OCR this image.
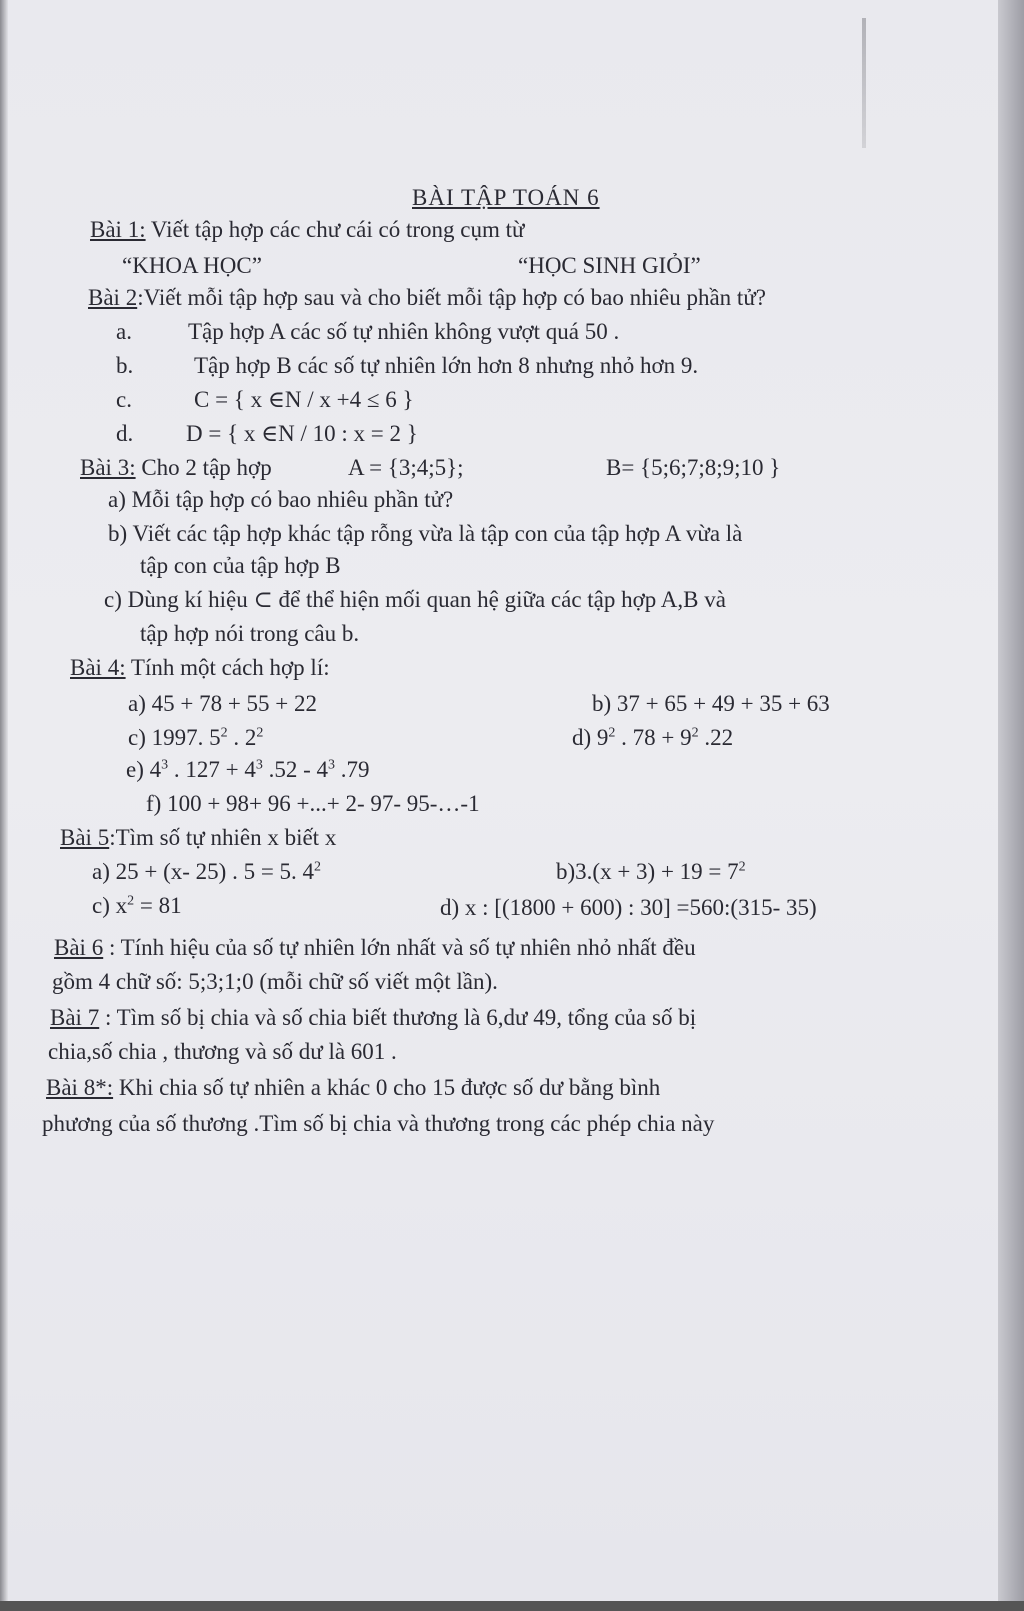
BÀI TẬP TOÁN 6
Bài 1: Viết tập hợp các chư cái có trong cụm từ
“KHOA HỌC”	“HỌC SINH GIỎI”
Bài 2:Viết mỗi tập hợp sau và cho biết mỗi tập hợp có bao nhiêu phần tử?
a. Tập hợp A các số tự nhiên không vượt quá 50 .
b.	Tập hợp B các số tự nhiên lớn hơn 8 nhưng nhỏ hơn 9.
c.	C = { x ∈N / x +4 ≤ 6 }
d. D = { x ∈N / 10 : x = 2 }
Bài 3: Cho 2 tập hợp	A = {3;4;5};	B= {5;6;7;8;9;10 }
a) Mỗi tập hợp có bao nhiêu phần tử?
b) Viết các tập hợp khác tập rỗng vừa là tập con của tập hợp A vừa là
tập con của tập hợp B
c) Dùng kí hiệu ⊂ để thể hiện mối quan hệ giữa các tập hợp A,B và
tập hợp nói trong câu b.
Bài 4: Tính một cách hợp lí:
a) 45 + 78 + 55 + 22	b) 37 + 65 + 49 + 35 + 63
c) 1997. $5^2$ . $2^2$	d) $9^2$ . $78 + 9^2$ .22
e) $4^3$ . $127 + 4^3$ $.52 - 4^3$ .79
f) 100 + 98+ 96 +...+ 2- 97- 95-…-1
Bài 5:Tìm số tự nhiên x biết x
a) 25 + (x- 25) . 5 = 5. $4^2$	$b)3.(x + 3) + 19 = 7^2$
c) $x^2 = 81$	d) x : [(1800 + 600) : 30] =560:(315- 35)
Bài 6 : Tính hiệu của số tự nhiên lớn nhất và số tự nhiên nhỏ nhất đều
gồm 4 chữ số: 5;3;1;0 (mỗi chữ số viết một lần).
Bài 7 : Tìm số bị chia và số chia biết thương là 6,dư 49, tổng của số bị
chia,số chia , thương và số dư là 601 .
Bài 8*: Khi chia số tự nhiên a khác 0 cho 15 được số dư bằng bình
phương của số thương .Tìm số bị chia và thương trong các phép chia này
